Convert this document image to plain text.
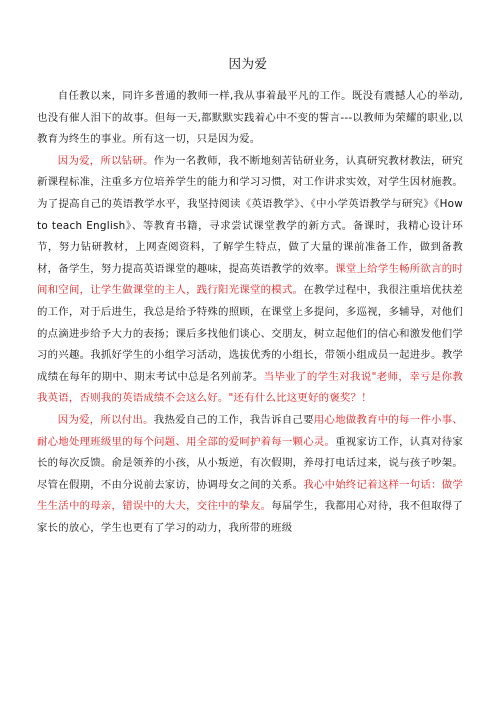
因为爱

自任教以来，同许多普通的教师一样,我从事着最平凡的工作。既没有震撼人心的举动,也没有催人泪下的故事。但每一天,都默默实践着心中不变的誓言---以教师为荣耀的职业,以教育为终生的事业。所有这一切，只是因为爱。

因为爱，所以钻研。作为一名教师，我不断地刻苦钻研业务，认真研究教材教法，研究新课程标准，注重多方位培养学生的能力和学习习惯，对工作讲求实效，对学生因材施教。为了提高自己的英语教学水平，我坚持阅读《英语教学》、《中小学英语教学与研究》《How to teach English》、等教育书籍，寻求尝试课堂教学的新方式。备课时，我精心设计环节，努力钻研教材，上网查阅资料，了解学生特点，做了大量的课前准备工作，做到备教材，备学生，努力提高英语课堂的趣味，提高英语教学的效率。课堂上给学生畅所欲言的时间和空间，让学生做课堂的主人，践行阳光课堂的模式。在教学过程中，我很注重培优扶差的工作，对于后进生，我总是给予特殊的照顾，在课堂上多提问，多巡视，多辅导，对他们的点滴进步给予大力的表扬；课后多找他们谈心、交朋友，树立起他们的信心和激发他们学习的兴趣。我抓好学生的小组学习活动，选拔优秀的小组长，带领小组成员一起进步。教学成绩在每年的期中、期末考试中总是名列前茅。当毕业了的学生对我说"老师，幸亏是你教我英语，否则我的英语成绩不会这么好。"还有什么比这更好的褒奖？！

因为爱，所以付出。我热爱自己的工作，我告诉自己要用心地做教育中的每一件小事、耐心地处理班级里的每个问题、用全部的爱呵护着每一颗心灵。重视家访工作，认真对待家长的每次反馈。俞是领养的小孩，从小叛逆，有次假期，养母打电话过来，说与孩子吵架。尽管在假期，不由分说前去家访，协调母女之间的关系。我心中始终记着这样一句话：做学生生活中的母亲，错误中的大夫，交往中的挚友。每届学生，我都用心对待，我不但取得了家长的放心，学生也更有了学习的动力，我所带的班级
